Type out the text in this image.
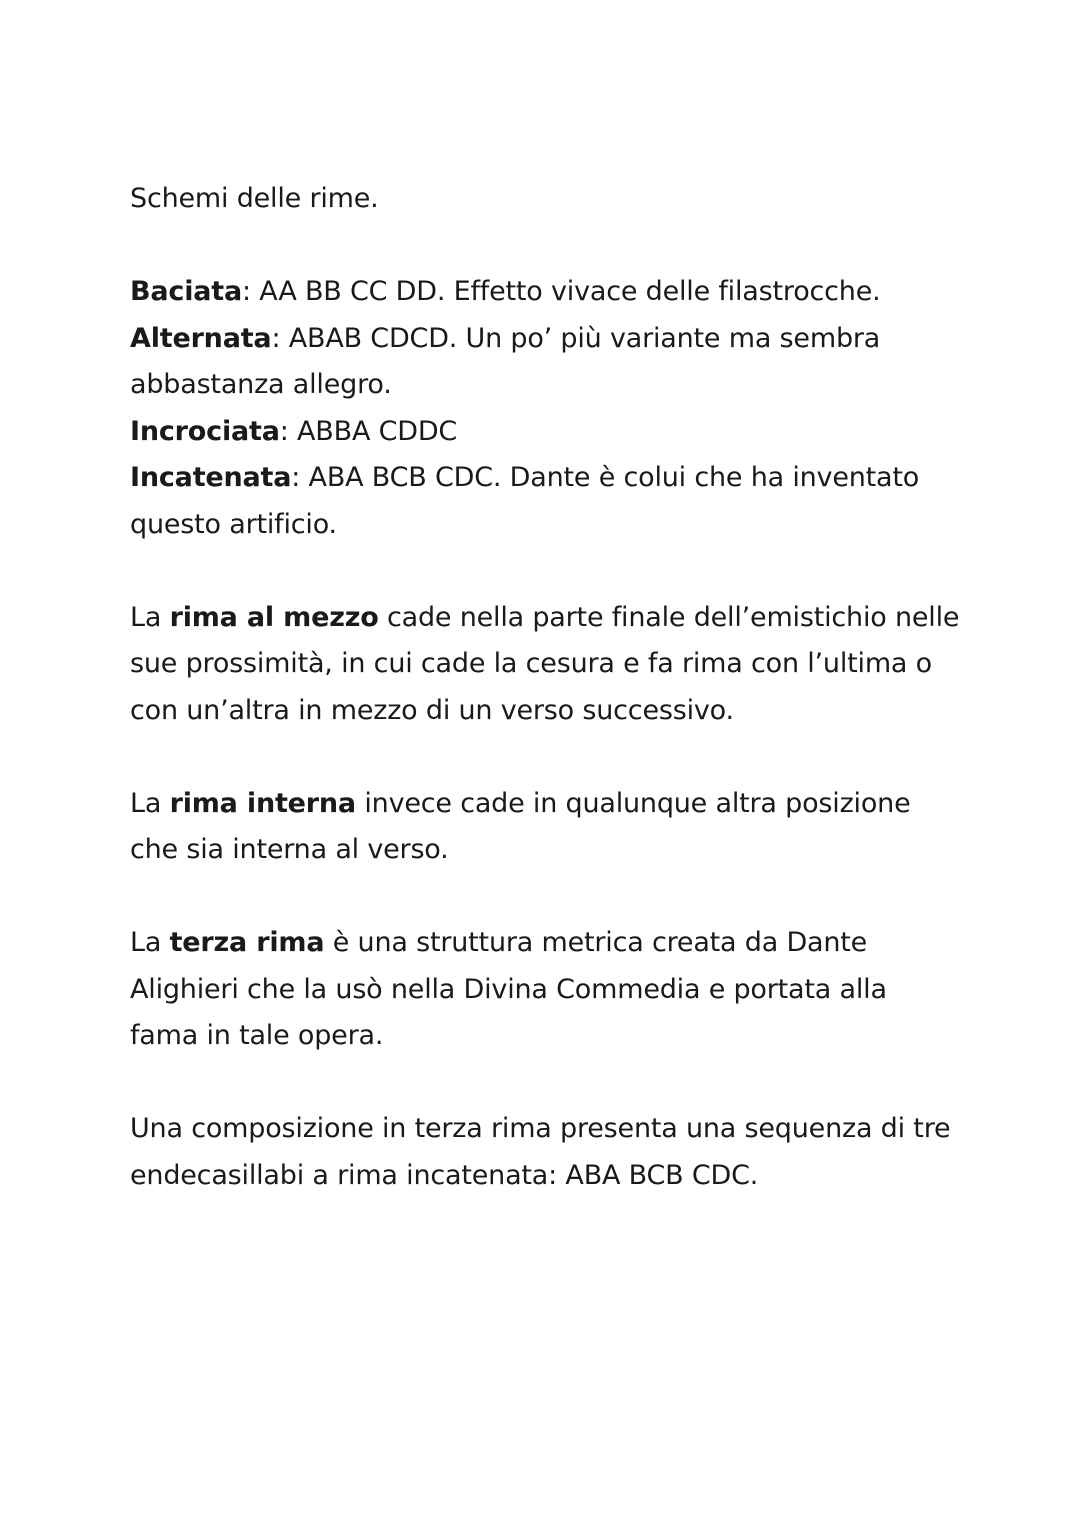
Schemi delle rime.

Baciata: AA BB CC DD. Effetto vivace delle filastrocche.

Alternata: ABAB CDCD. Un po’ più variante ma sembra abbastanza allegro.

Incrociata: ABBA CDDC

Incatenata: ABA BCB CDC. Dante è colui che ha inventato questo artificio.

La rima al mezzo cade nella parte finale dell’emistichio nelle sue prossimità, in cui cade la cesura e fa rima con l’ultima o con un’altra in mezzo di un verso successivo.

La rima interna invece cade in qualunque altra posizione che sia interna al verso.

La terza rima è una struttura metrica creata da Dante Alighieri che la usò nella Divina Commedia e portata alla fama in tale opera.

Una composizione in terza rima presenta una sequenza di tre endecasillabi a rima incatenata: ABA BCB CDC.
